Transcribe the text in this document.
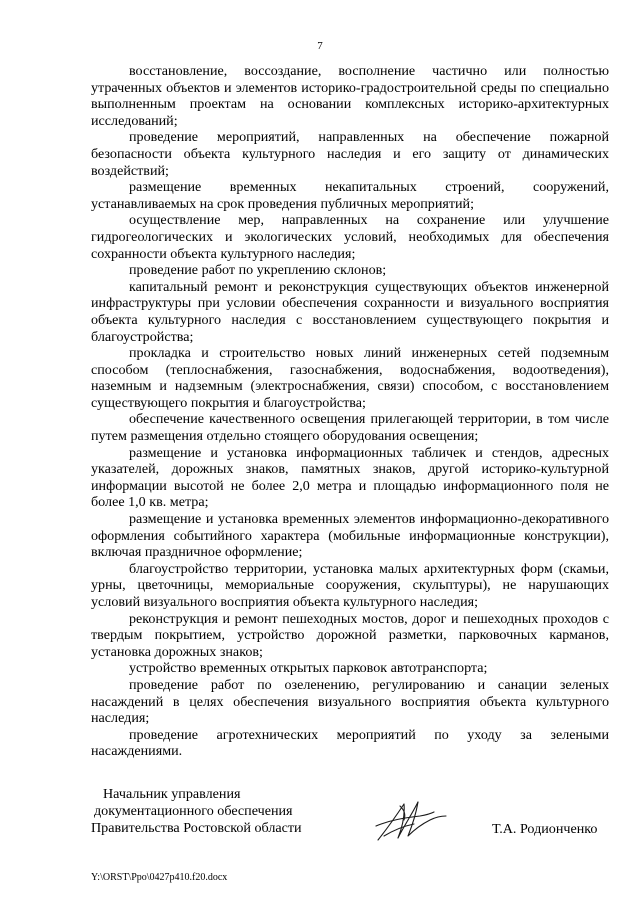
7

восстановление, воссоздание, восполнение частично или полностью утраченных объектов и элементов историко-градостроительной среды по специально выполненным проектам на основании комплексных историко-архитектурных исследований;

проведение мероприятий, направленных на обеспечение пожарной безопасности объекта культурного наследия и его защиту от динамических воздействий;

размещение временных некапитальных строений, сооружений, устанавливаемых на срок проведения публичных мероприятий;

осуществление мер, направленных на сохранение или улучшение гидрогеологических и экологических условий, необходимых для обеспечения сохранности объекта культурного наследия;

проведение работ по укреплению склонов;

капитальный ремонт и реконструкция существующих объектов инженерной инфраструктуры при условии обеспечения сохранности и визуального восприятия объекта культурного наследия с восстановлением существующего покрытия и благоустройства;

прокладка и строительство новых линий инженерных сетей подземным способом (теплоснабжения, газоснабжения, водоснабжения, водоотведения), наземным и надземным (электроснабжения, связи) способом, с восстановлением существующего покрытия и благоустройства;

обеспечение качественного освещения прилегающей территории, в том числе путем размещения отдельно стоящего оборудования освещения;

размещение и установка информационных табличек и стендов, адресных указателей, дорожных знаков, памятных знаков, другой историко-культурной информации высотой не более 2,0 метра и площадью информационного поля не более 1,0 кв. метра;

размещение и установка временных элементов информационно-декоративного оформления событийного характера (мобильные информационные конструкции), включая праздничное оформление;

благоустройство территории, установка малых архитектурных форм (скамьи, урны, цветочницы, мемориальные сооружения, скульптуры), не нарушающих условий визуального восприятия объекта культурного наследия;

реконструкция и ремонт пешеходных мостов, дорог и пешеходных проходов с твердым покрытием, устройство дорожной разметки, парковочных карманов, установка дорожных знаков;

устройство временных открытых парковок автотранспорта;

проведение работ по озеленению, регулированию и санации зеленых насаждений в целях обеспечения визуального восприятия объекта культурного наследия;

проведение агротехнических мероприятий по уходу за зелеными насаждениями.

Начальник управления
документационного обеспечения
Правительства Ростовской области	Т.А. Родионченко
Y:\ORST\Ppo\0427p410.f20.docx
